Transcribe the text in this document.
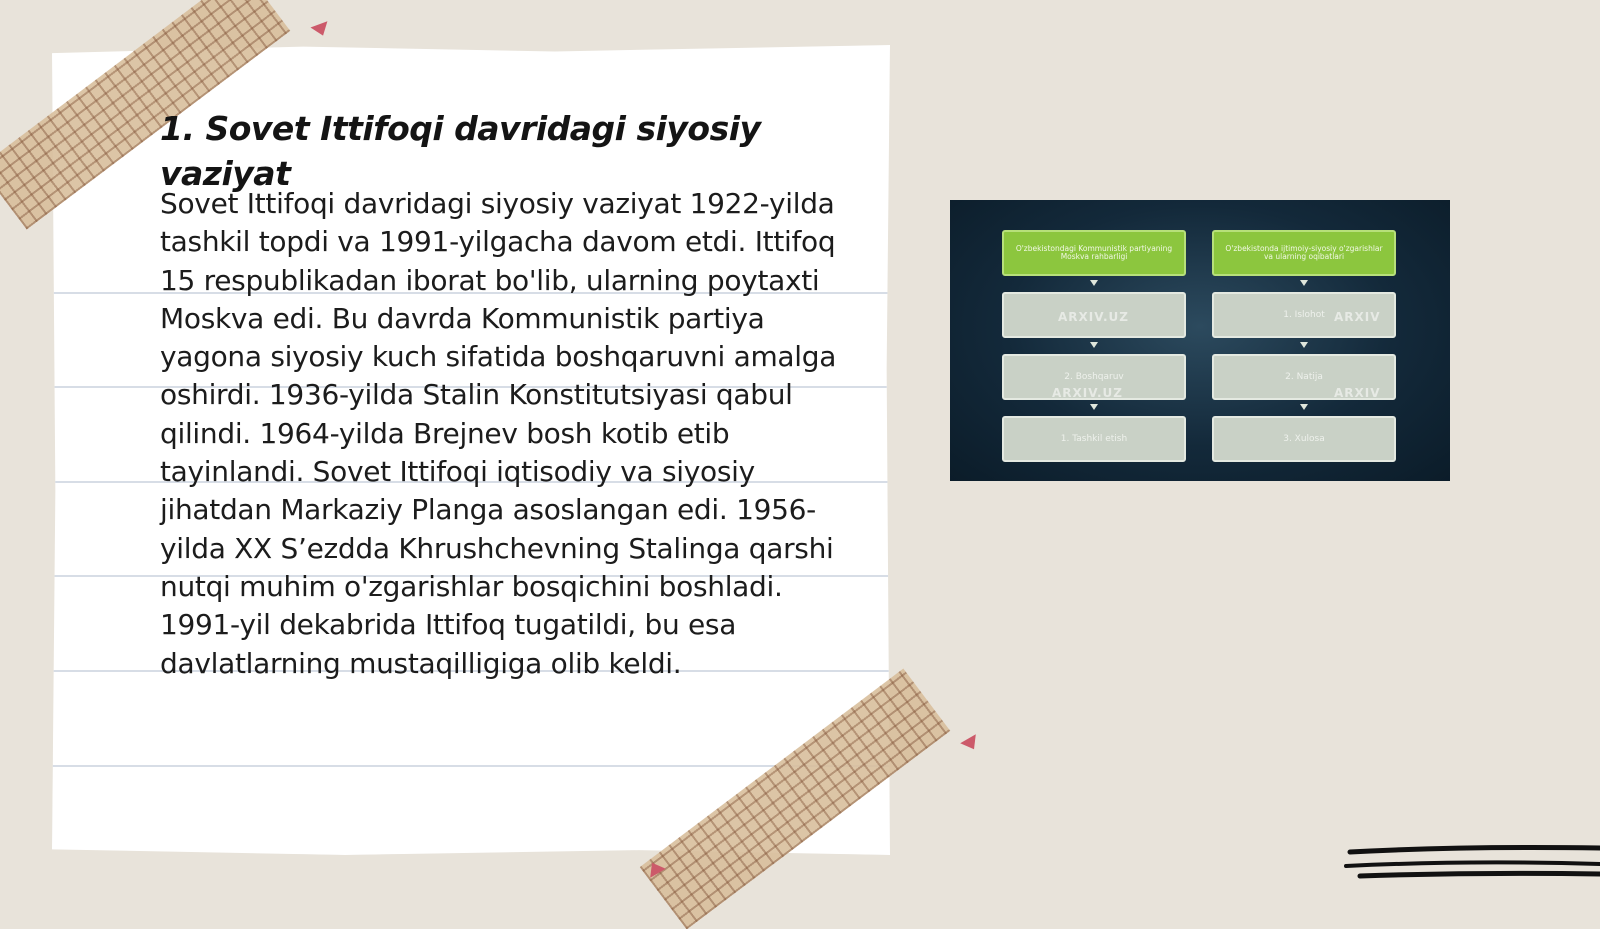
1. Sovet Ittifoqi davridagi siyosiy vaziyat

Sovet Ittifoqi davridagi siyosiy vaziyat 1922-yilda tashkil topdi va 1991-yilgacha davom etdi. Ittifoq 15 respublikadan iborat bo'lib, ularning poytaxti Moskva edi. Bu davrda Kommunistik partiya yagona siyosiy kuch sifatida boshqaruvni amalga oshirdi. 1936-yilda Stalin Konstitutsiyasi qabul qilindi. 1964-yilda Brejnev bosh kotib etib tayinlandi. Sovet Ittifoqi iqtisodiy va siyosiy jihatdan Markaziy Planga asoslangan edi. 1956-yilda XX S’ezdda Khrushchevning Stalinga qarshi nutqi muhim o'zgarishlar bosqichini boshladi. 1991-yil dekabrida Ittifoq tugatildi, bu esa davlatlarning mustaqilligiga olib keldi.

O'zbekistondagi Kommunistik partiyaning Moskva rahbarligi
ARXIV.UZ
2. Boshqaruv
ARXIV.UZ
1. Tashkil etish
O'zbekistonda ijtimoiy-siyosiy o'zgarishlar va ularning oqibatlari
1. Islohot ARXIV
2. Natija
ARXIV
3. Xulosa
